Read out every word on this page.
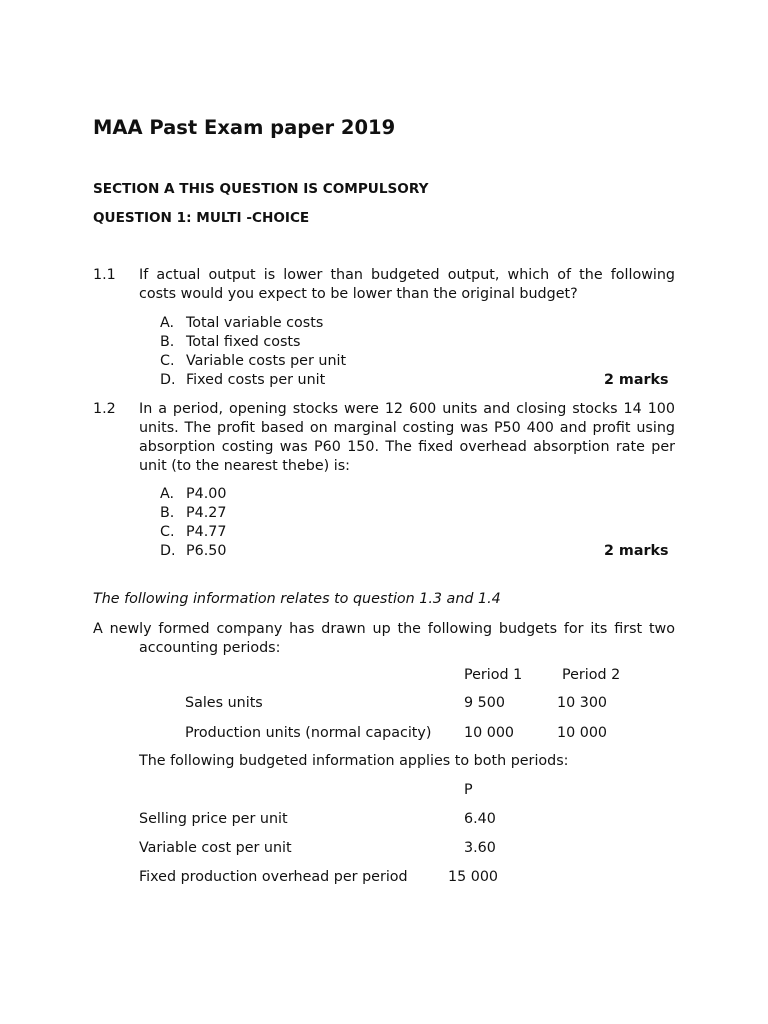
MAA Past Exam paper 2019
SECTION A THIS QUESTION IS COMPULSORY
QUESTION 1: MULTI -CHOICE
1.1 If actual output is lower than budgeted output, which of the following costs would you expect to be lower than the original budget?
A. Total variable costs
B. Total fixed costs
C. Variable costs per unit
D. Fixed costs per unit	2 marks
1.2 In a period, opening stocks were 12 600 units and closing stocks 14 100 units. The profit based on marginal costing was P50 400 and profit using absorption costing was P60 150. The fixed overhead absorption rate per unit (to the nearest thebe) is:
A. P4.00
B. P4.27
C. P4.77
D. P6.50	2 marks
The following information relates to question 1.3 and 1.4
A newly formed company has drawn up the following budgets for its first two
accounting periods:
Period 1	Period 2
Sales units	9 500	10 300
Production units (normal capacity) 10 000	10 000
The following budgeted information applies to both periods:
P
Selling price per unit	6.40
Variable cost per unit	3.60
Fixed production overhead per period	15 000
